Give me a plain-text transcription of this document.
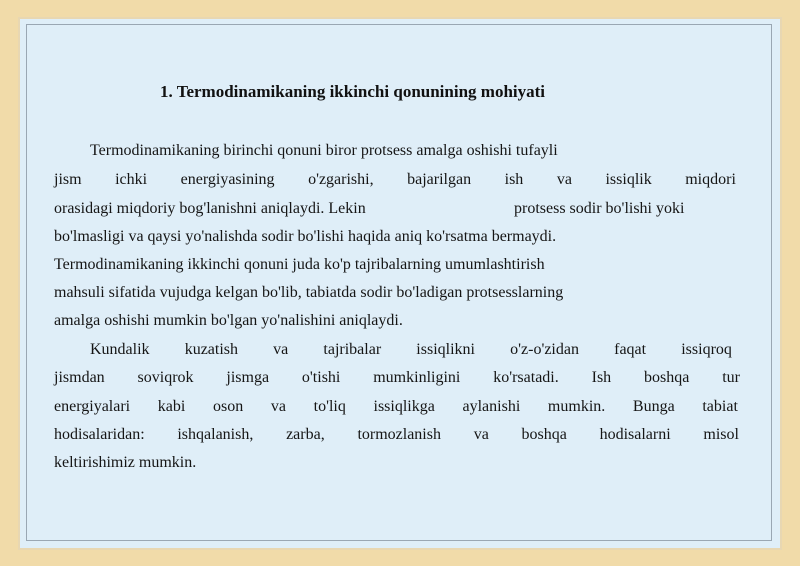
1. Termodinamikaning ikkinchi qonunining mohiyati
Termodinamikaning birinchi qonuni biror protsess amalga oshishi tufayli
jism ichki energiyasining o'zgarishi, bajarilgan ish va issiqlik miqdori
orasidagi miqdoriy bog'lanishni aniqlaydi. Lekin	protsess sodir bo'lishi yoki
bo'lmasligi va qaysi yo'nalishda sodir bo'lishi haqida aniq ko'rsatma bermaydi.
Termodinamikaning ikkinchi qonuni juda ko'p tajribalarning umumlashtirish
mahsuli sifatida vujudga kelgan bo'lib, tabiatda sodir bo'ladigan protsesslarning
amalga oshishi mumkin bo'lgan yo'nalishini aniqlaydi.
Kundalik kuzatish va tajribalar issiqlikni o'z-o'zidan faqat issiqroq
jismdan soviqrok jismga o'tishi mumkinligini ko'rsatadi. Ish boshqa tur
energiyalari kabi oson va to'liq issiqlikga aylanishi mumkin. Bunga tabiat
hodisalaridan: ishqalanish, zarba, tormozlanish va boshqa hodisalarni misol
keltirishimiz mumkin.
